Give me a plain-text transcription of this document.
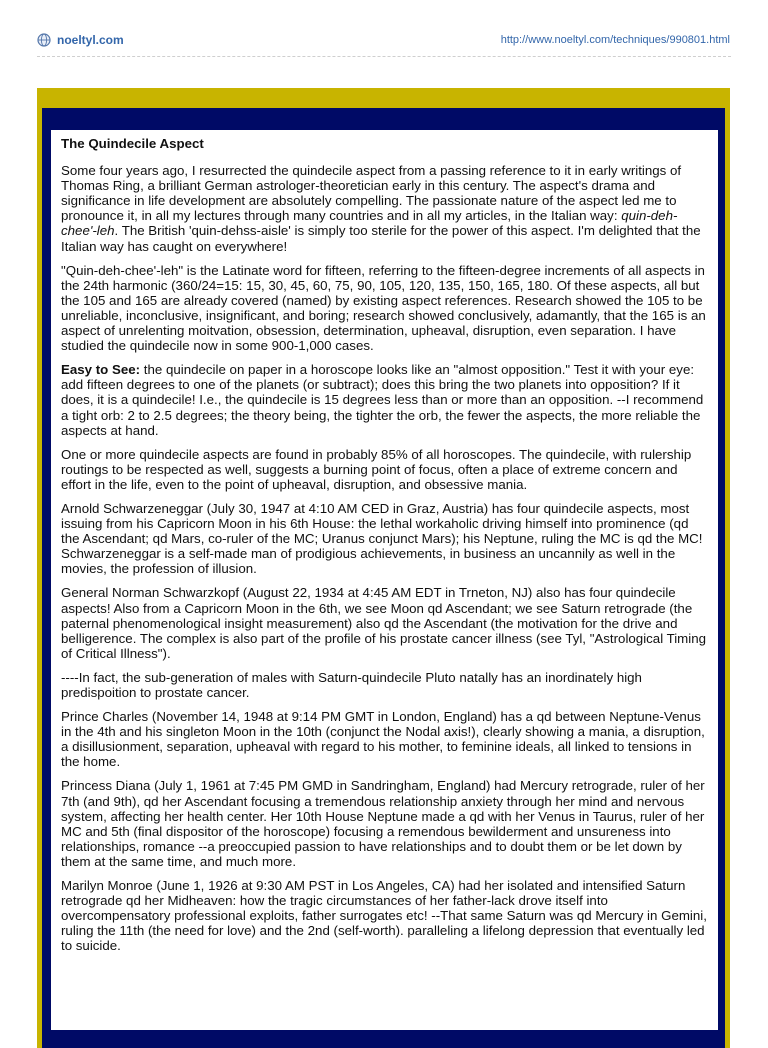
noeltyl.com	http://www.noeltyl.com/techniques/990801.html
The Quindecile Aspect

Some four years ago, I resurrected the quindecile aspect from a passing reference to it in early writings of Thomas Ring, a brilliant German astrologer-theoretician early in this century. The aspect's drama and significance in life development are absolutely compelling. The passionate nature of the aspect led me to pronounce it, in all my lectures through many countries and in all my articles, in the Italian way: quin-deh-chee'-leh. The British 'quin-dehss-aisle' is simply too sterile for the power of this aspect. I'm delighted that the Italian way has caught on everywhere!

"Quin-deh-chee'-leh" is the Latinate word for fifteen, referring to the fifteen-degree increments of all aspects in the 24th harmonic (360/24=15: 15, 30, 45, 60, 75, 90, 105, 120, 135, 150, 165, 180. Of these aspects, all but the 105 and 165 are already covered (named) by existing aspect references. Research showed the 105 to be unreliable, inconclusive, insignificant, and boring; research showed conclusively, adamantly, that the 165 is an aspect of unrelenting moitvation, obsession, determination, upheaval, disruption, even separation. I have studied the quindecile now in some 900-1,000 cases.

Easy to See: the quindecile on paper in a horoscope looks like an "almost opposition." Test it with your eye: add fifteen degrees to one of the planets (or subtract); does this bring the two planets into opposition? If it does, it is a quindecile! I.e., the quindecile is 15 degrees less than or more than an opposition. --I recommend a tight orb: 2 to 2.5 degrees; the theory being, the tighter the orb, the fewer the aspects, the more reliable the aspects at hand.

One or more quindecile aspects are found in probably 85% of all horoscopes. The quindecile, with rulership routings to be respected as well, suggests a burning point of focus, often a place of extreme concern and effort in the life, even to the point of upheaval, disruption, and obsessive mania.

Arnold Schwarzeneggar (July 30, 1947 at 4:10 AM CED in Graz, Austria) has four quindecile aspects, most issuing from his Capricorn Moon in his 6th House: the lethal workaholic driving himself into prominence (qd the Ascendant; qd Mars, co-ruler of the MC; Uranus conjunct Mars); his Neptune, ruling the MC is qd the MC! Schwarzeneggar is a self-made man of prodigious achievements, in business an uncannily as well in the movies, the profession of illusion.

General Norman Schwarzkopf (August 22, 1934 at 4:45 AM EDT in Trneton, NJ) also has four quindecile aspects! Also from a Capricorn Moon in the 6th, we see Moon qd Ascendant; we see Saturn retrograde (the paternal phenomenological insight measurement) also qd the Ascendant (the motivation for the drive and belligerence. The complex is also part of the profile of his prostate cancer illness (see Tyl, "Astrological Timing of Critical Illness").

----In fact, the sub-generation of males with Saturn-quindecile Pluto natally has an inordinately high predispoition to prostate cancer.

Prince Charles (November 14, 1948 at 9:14 PM GMT in London, England) has a qd between Neptune-Venus in the 4th and his singleton Moon in the 10th (conjunct the Nodal axis!), clearly showing a mania, a disruption, a disillusionment, separation, upheaval with regard to his mother, to feminine ideals, all linked to tensions in the home.

Princess Diana (July 1, 1961 at 7:45 PM GMD in Sandringham, England) had Mercury retrograde, ruler of her 7th (and 9th), qd her Ascendant focusing a tremendous relationship anxiety through her mind and nervous system, affecting her health center. Her 10th House Neptune made a qd with her Venus in Taurus, ruler of her MC and 5th (final dispositor of the horoscope) focusing a remendous bewilderment and unsureness into relationships, romance --a preoccupied passion to have relationships and to doubt them or be let down by them at the same time, and much more.

Marilyn Monroe (June 1, 1926 at 9:30 AM PST in Los Angeles, CA) had her isolated and intensified Saturn retrograde qd her Midheaven: how the tragic circumstances of her father-lack drove itself into overcompensatory professional exploits, father surrogates etc! --That same Saturn was qd Mercury in Gemini, ruling the 11th (the need for love) and the 2nd (self-worth). paralleling a lifelong depression that eventually led to suicide.
